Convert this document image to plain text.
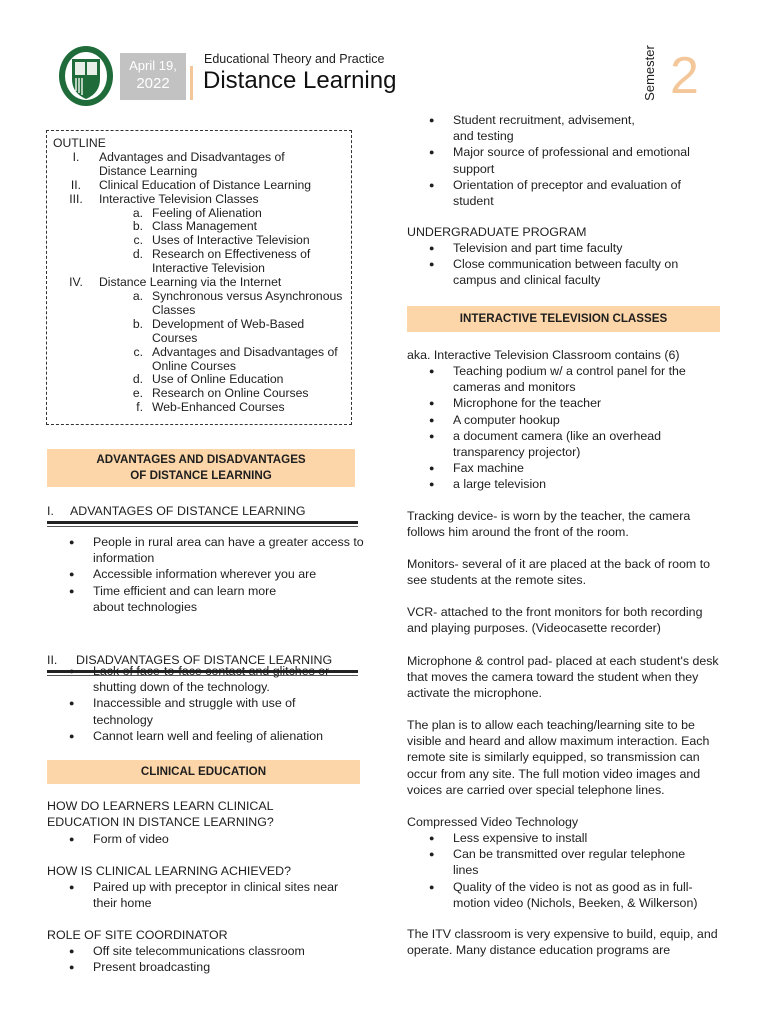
April 19,
2022
Educational Theory and Practice
Distance Learning	Semester 2
OUTLINE
I.	Advantages and Disadvantages of Distance Learning
II.	Clinical Education of Distance Learning
III.	Interactive Television Classes
a. Feeling of Alienation
b. Class Management
c. Uses of Interactive Television
d. Research on Effectiveness of Interactive Television
IV.	Distance Learning via the Internet
a. Synchronous versus Asynchronous Classes
b. Development of Web-Based Courses
c. Advantages and Disadvantages of Online Courses
d. Use of Online Education
e. Research on Online Courses
f. Web-Enhanced Courses
ADVANTAGES AND DISADVANTAGES OF DISTANCE LEARNING
I. ADVANTAGES OF DISTANCE LEARNING
● People in rural area can have a greater access to information
● Accessible information wherever you are
● Time efficient and can learn more about technologies
II. DISADVANTAGES OF DISTANCE LEARNING
● Lack of face-to-face contact and glitches or shutting down of the technology.
● Inaccessible and struggle with use of technology
● Cannot learn well and feeling of alienation
CLINICAL EDUCATION
HOW DO LEARNERS LEARN CLINICAL EDUCATION IN DISTANCE LEARNING?
● Form of video
HOW IS CLINICAL LEARNING ACHIEVED?
● Paired up with preceptor in clinical sites near their home
ROLE OF SITE COORDINATOR
● Off site telecommunications classroom
● Present broadcasting
● Student recruitment, advisement, and testing
● Major source of professional and emotional support
● Orientation of preceptor and evaluation of student
UNDERGRADUATE PROGRAM
● Television and part time faculty
● Close communication between faculty on campus and clinical faculty
INTERACTIVE TELEVISION CLASSES
aka. Interactive Television Classroom contains (6)
● Teaching podium w/ a control panel for the cameras and monitors
● Microphone for the teacher
● A computer hookup
● a document camera (like an overhead transparency projector)
● Fax machine
● a large television

Tracking device- is worn by the teacher, the camera follows him around the front of the room.

Monitors- several of it are placed at the back of room to see students at the remote sites.

VCR- attached to the front monitors for both recording and playing purposes. (Videocasette recorder)

Microphone & control pad- placed at each student's desk that moves the camera toward the student when they activate the microphone.

The plan is to allow each teaching/learning site to be visible and heard and allow maximum interaction. Each remote site is similarly equipped, so transmission can occur from any site. The full motion video images and voices are carried over special telephone lines.

Compressed Video Technology
● Less expensive to install
● Can be transmitted over regular telephone lines
● Quality of the video is not as good as in full-motion video (Nichols, Beeken, & Wilkerson)

The ITV classroom is very expensive to build, equip, and operate. Many distance education programs are
